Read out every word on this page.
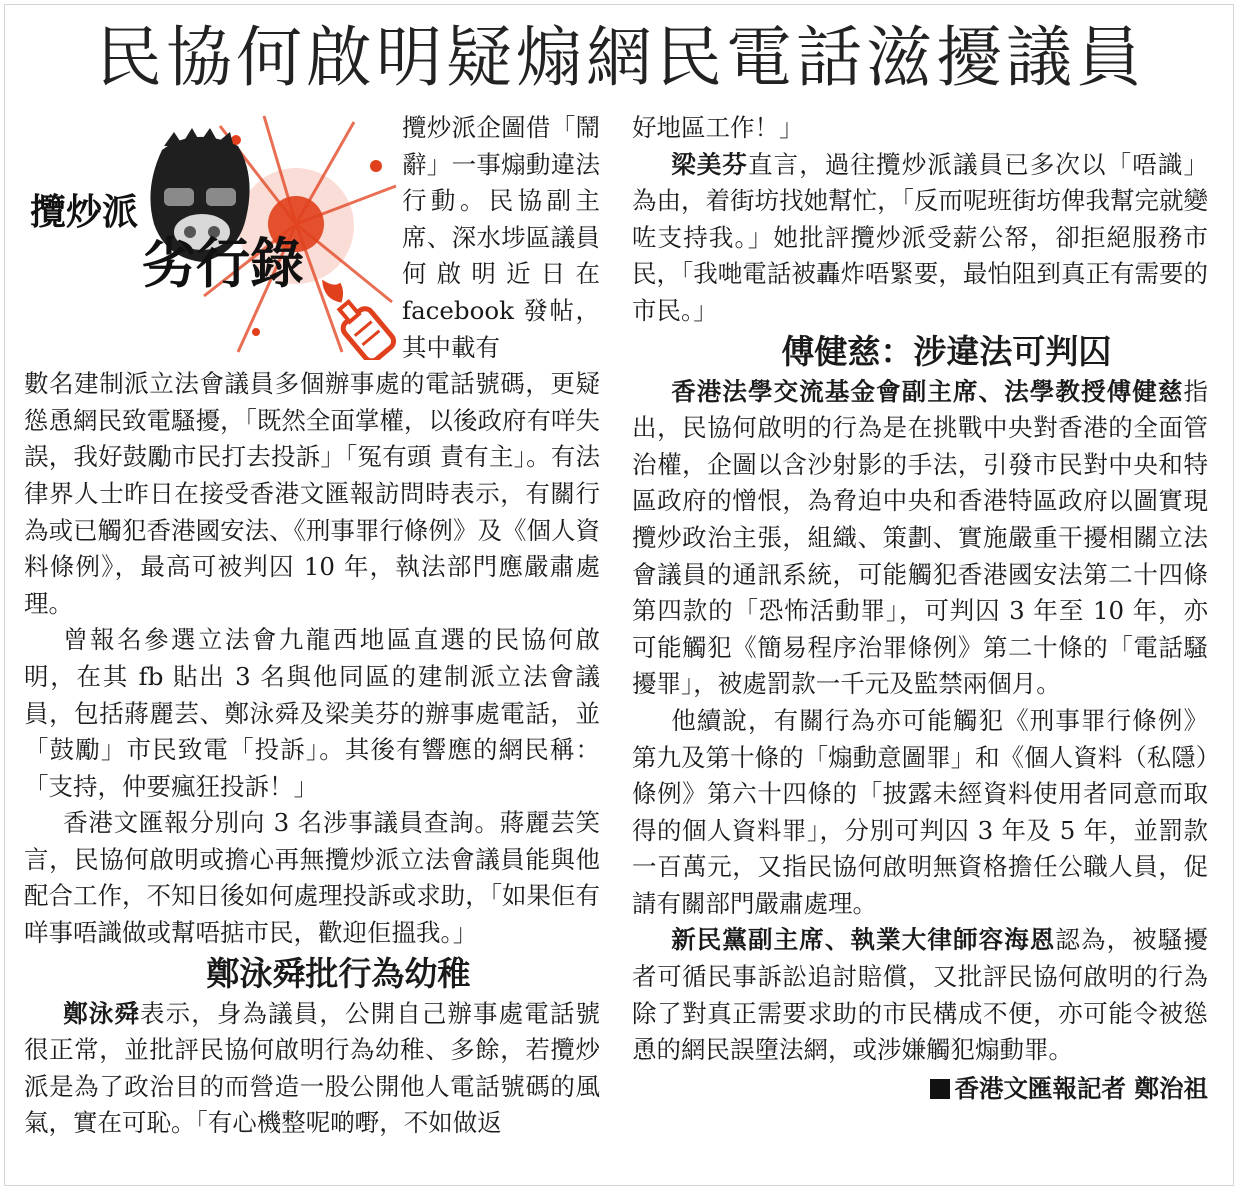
民協何啟明疑煽網民電話滋擾議員
攬炒派
劣行錄

攬炒派企圖借「鬧辭」一事煽動違法行動。民協副主席、深水埗區議員何啟明近日在 facebook 發帖，其中載有

數名建制派立法會議員多個辦事處的電話號碼，更疑慫恿網民致電騷擾，「既然全面掌權，以後政府有咩失誤，我好鼓勵市民打去投訴」「冤有頭 責有主」。有法律界人士昨日在接受香港文匯報訪問時表示，有關行為或已觸犯香港國安法、《刑事罪行條例》及《個人資料條例》，最高可被判囚 10 年，執法部門應嚴肅處理。

曾報名參選立法會九龍西地區直選的民協何啟明，在其 fb 貼出 3 名與他同區的建制派立法會議員，包括蔣麗芸、鄭泳舜及梁美芬的辦事處電話，並「鼓勵」市民致電「投訴」。其後有響應的網民稱：「支持，仲要瘋狂投訴！」

香港文匯報分別向 3 名涉事議員查詢。蔣麗芸笑言，民協何啟明或擔心再無攬炒派立法會議員能與他配合工作，不知日後如何處理投訴或求助，「如果佢有咩事唔識做或幫唔掂市民，歡迎佢搵我。」

鄭泳舜批行為幼稚

鄭泳舜表示，身為議員，公開自己辦事處電話號很正常，並批評民協何啟明行為幼稚、多餘，若攬炒派是為了政治目的而營造一股公開他人電話號碼的風氣，實在可恥。「有心機整呢啲嘢，不如做返

好地區工作！」

梁美芬直言，過往攬炒派議員已多次以「唔識」為由，着街坊找她幫忙，「反而呢班街坊俾我幫完就變咗支持我。」她批評攬炒派受薪公帑，卻拒絕服務市民，「我哋電話被轟炸唔緊要，最怕阻到真正有需要的市民。」

傅健慈：涉違法可判囚

香港法學交流基金會副主席、法學教授傅健慈指出，民協何啟明的行為是在挑戰中央對香港的全面管治權，企圖以含沙射影的手法，引發市民對中央和特區政府的憎恨，為脅迫中央和香港特區政府以圖實現攬炒政治主張，組織、策劃、實施嚴重干擾相關立法會議員的通訊系統，可能觸犯香港國安法第二十四條第四款的「恐怖活動罪」，可判囚 3 年至 10 年，亦可能觸犯《簡易程序治罪條例》第二十條的「電話騷擾罪」，被處罰款一千元及監禁兩個月。

他續說，有關行為亦可能觸犯《刑事罪行條例》第九及第十條的「煽動意圖罪」和《個人資料（私隱）條例》第六十四條的「披露未經資料使用者同意而取得的個人資料罪」，分別可判囚 3 年及 5 年，並罰款一百萬元，又指民協何啟明無資格擔任公職人員，促請有關部門嚴肅處理。

新民黨副主席、執業大律師容海恩認為，被騷擾者可循民事訴訟追討賠償，又批評民協何啟明的行為除了對真正需要求助的市民構成不便，亦可能令被慫恿的網民誤墮法網，或涉嫌觸犯煽動罪。

香港文匯報記者 鄭治祖
